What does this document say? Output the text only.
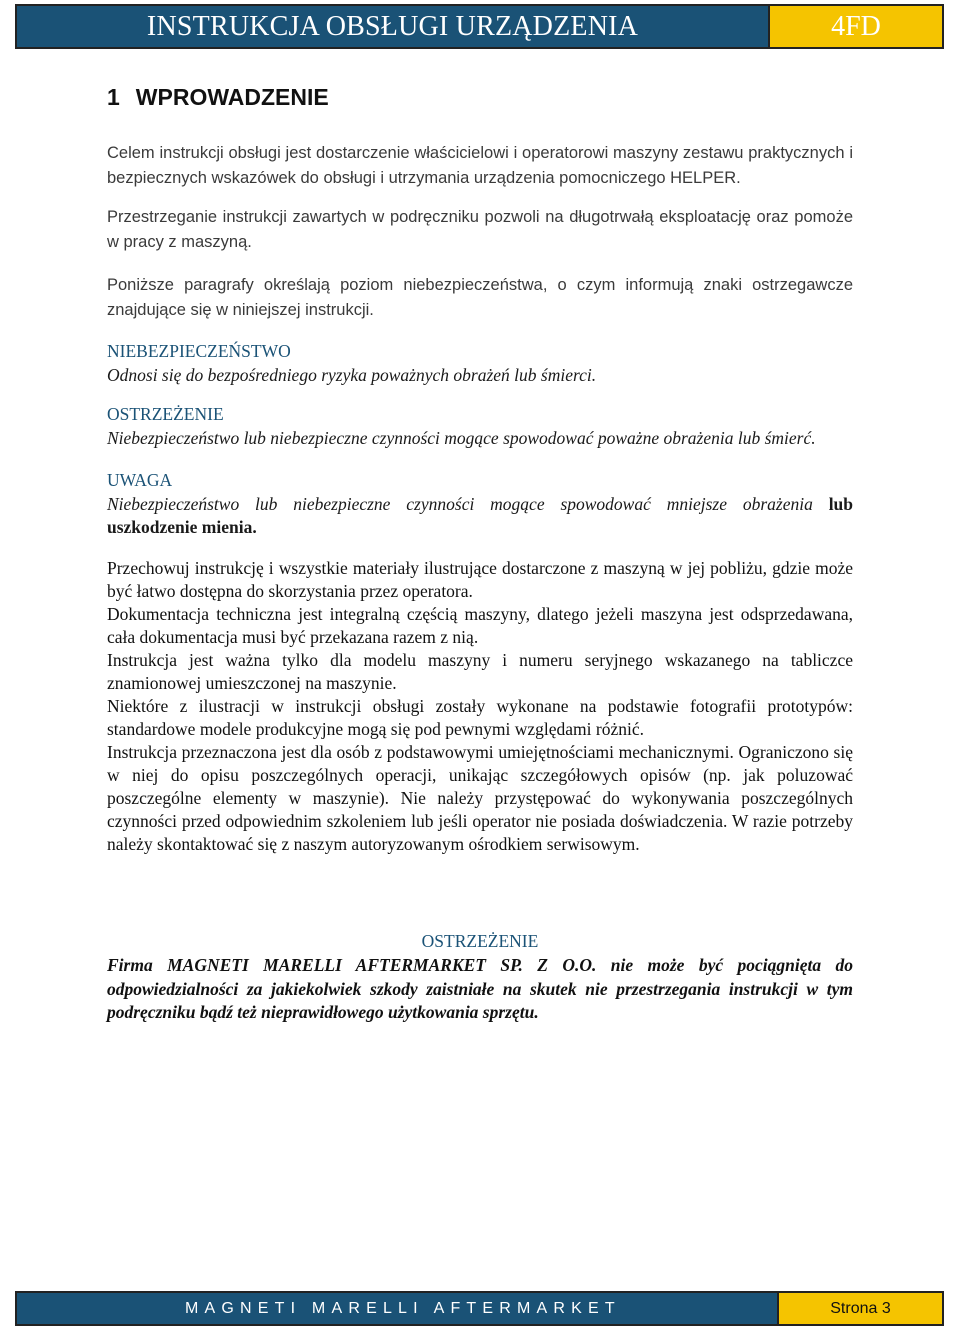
INSTRUKCJA OBSŁUGI URZĄDZENIA	4FD
1 WPROWADZENIE

Celem instrukcji obsługi jest dostarczenie właścicielowi i operatorowi maszyny zestawu praktycznych i bezpiecznych wskazówek do obsługi i utrzymania urządzenia pomocniczego HELPER.

Przestrzeganie instrukcji zawartych w podręczniku pozwoli na długotrwałą eksploatację oraz pomoże w pracy z maszyną.

Poniższe paragrafy określają poziom niebezpieczeństwa, o czym informują znaki ostrzegawcze znajdujące się w niniejszej instrukcji.

NIEBEZPIECZEŃSTWO

Odnosi się do bezpośredniego ryzyka poważnych obrażeń lub śmierci.

OSTRZEŻENIE

Niebezpieczeństwo lub niebezpieczne czynności mogące spowodować poważne obrażenia lub śmierć.

UWAGA

Niebezpieczeństwo lub niebezpieczne czynności mogące spowodować mniejsze obrażenia lub uszkodzenie mienia.

Przechowuj instrukcję i wszystkie materiały ilustrujące dostarczone z maszyną w jej pobliżu, gdzie może być łatwo dostępna do skorzystania przez operatora.

Dokumentacja techniczna jest integralną częścią maszyny, dlatego jeżeli maszyna jest odsprzedawana, cała dokumentacja musi być przekazana razem z nią.

Instrukcja jest ważna tylko dla modelu maszyny i numeru seryjnego wskazanego na tabliczce znamionowej umieszczonej na maszynie.

Niektóre z ilustracji w instrukcji obsługi zostały wykonane na podstawie fotografii prototypów: standardowe modele produkcyjne mogą się pod pewnymi względami różnić.

Instrukcja przeznaczona jest dla osób z podstawowymi umiejętnościami mechanicznymi. Ograniczono się w niej do opisu poszczególnych operacji, unikając szczegółowych opisów (np. jak poluzować poszczególne elementy w maszynie). Nie należy przystępować do wykonywania poszczególnych czynności przed odpowiednim szkoleniem lub jeśli operator nie posiada doświadczenia. W razie potrzeby należy skontaktować się z naszym autoryzowanym ośrodkiem serwisowym.

OSTRZEŻENIE

Firma MAGNETI MARELLI AFTERMARKET SP. Z O.O. nie może być pociągnięta do odpowiedzialności za jakiekolwiek szkody zaistniałe na skutek nie przestrzegania instrukcji w tym podręczniku bądź też nieprawidłowego użytkowania sprzętu.

MAGNETI MARELLI AFTERMARKET	Strona 3
